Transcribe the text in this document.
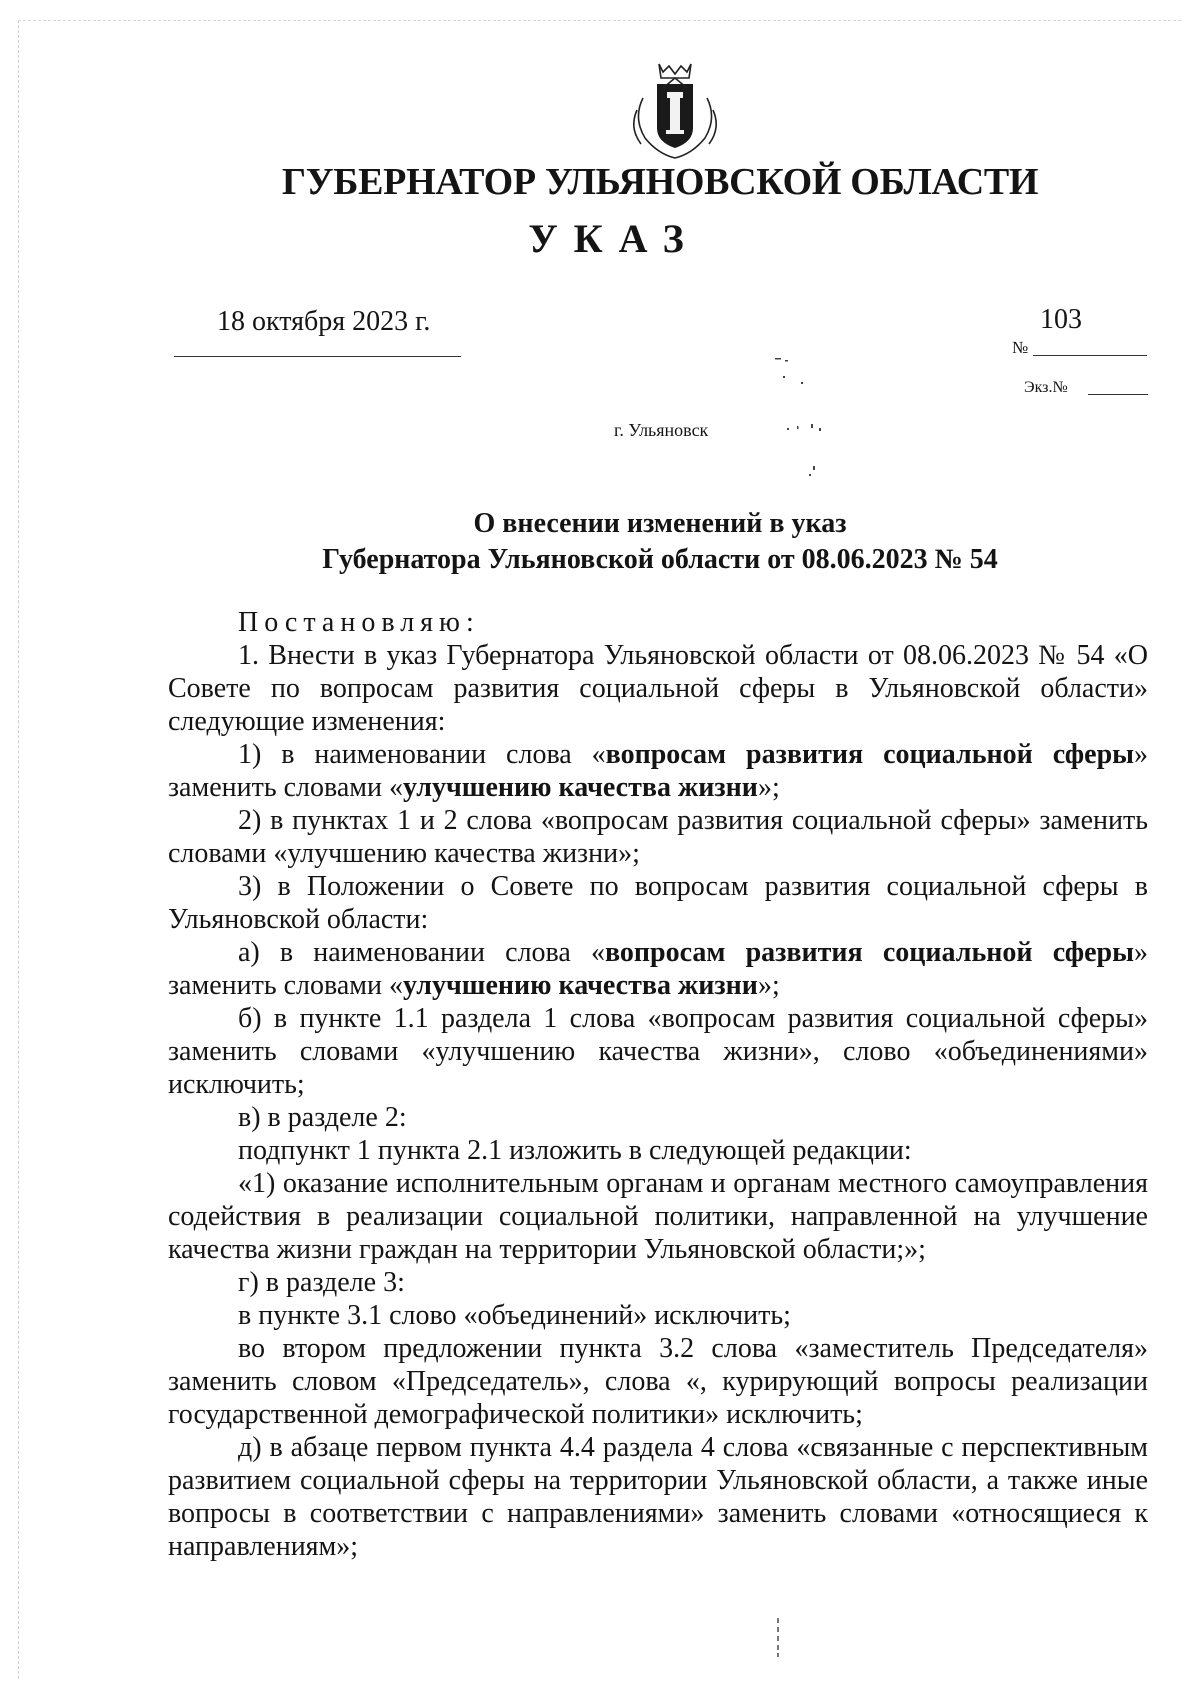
ГУБЕРНАТОР УЛЬЯНОВСКОЙ ОБЛАСТИ
УКАЗ
18 октября 2023 г.	103
№
Экз.№
г. Ульяновск
О внесении изменений в указ
Губернатора Ульяновской области от 08.06.2023 № 54

Постановляю:

1. Внести в указ Губернатора Ульяновской области от 08.06.2023 № 54 «О Совете по вопросам развития социальной сферы в Ульяновской области» следующие изменения:

1) в наименовании слова «вопросам развития социальной сферы» заменить словами «улучшению качества жизни»;

2) в пунктах 1 и 2 слова «вопросам развития социальной сферы» заменить словами «улучшению качества жизни»;

3) в Положении о Совете по вопросам развития социальной сферы в Ульяновской области:

а) в наименовании слова «вопросам развития социальной сферы» заменить словами «улучшению качества жизни»;

б) в пункте 1.1 раздела 1 слова «вопросам развития социальной сферы» заменить словами «улучшению качества жизни», слово «объединениями» исключить;

в) в разделе 2:

подпункт 1 пункта 2.1 изложить в следующей редакции:

«1) оказание исполнительным органам и органам местного самоуправления содействия в реализации социальной политики, направленной на улучшение качества жизни граждан на территории Ульяновской области;»;

г) в разделе 3:

в пункте 3.1 слово «объединений» исключить;

во втором предложении пункта 3.2 слова «заместитель Председателя» заменить словом «Председатель», слова «, курирующий вопросы реализации государственной демографической политики» исключить;

д) в абзаце первом пункта 4.4 раздела 4 слова «связанные с перспективным развитием социальной сферы на территории Ульяновской области, а также иные вопросы в соответствии с направлениями» заменить словами «относящиеся к направлениям»;
